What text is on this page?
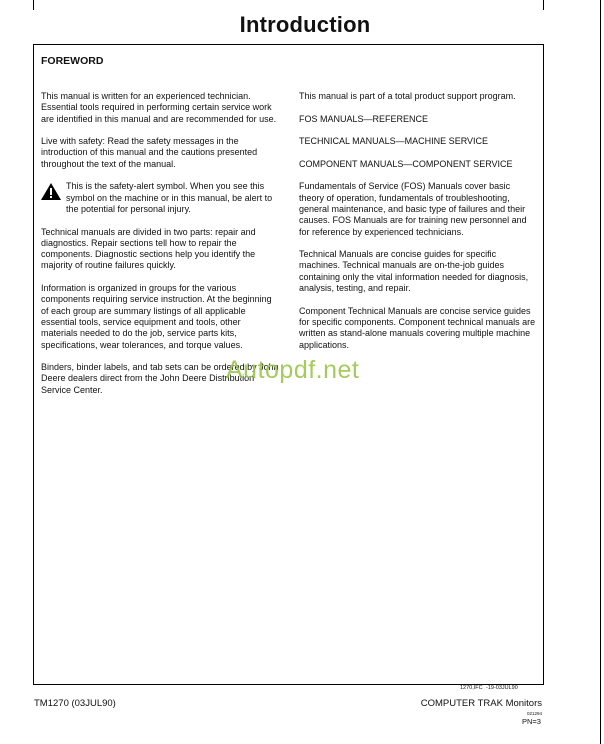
Introduction
FOREWORD

This manual is written for an experienced technician. Essential tools required in performing certain service work are identified in this manual and are recommended for use.

Live with safety: Read the safety messages in the introduction of this manual and the cautions presented throughout the text of the manual.

This is the safety-alert symbol. When you see this symbol on the machine or in this manual, be alert to the potential for personal injury.

Technical manuals are divided in two parts: repair and diagnostics. Repair sections tell how to repair the components. Diagnostic sections help you identify the majority of routine failures quickly.

Information is organized in groups for the various components requiring service instruction. At the beginning of each group are summary listings of all applicable essential tools, service equipment and tools, other materials needed to do the job, service parts kits, specifications, wear tolerances, and torque values.

Binders, binder labels, and tab sets can be ordered by John Deere dealers direct from the John Deere Distribution Service Center.

This manual is part of a total product support program.

FOS MANUALS—REFERENCE

TECHNICAL MANUALS—MACHINE SERVICE

COMPONENT MANUALS—COMPONENT SERVICE

Fundamentals of Service (FOS) Manuals cover basic theory of operation, fundamentals of troubleshooting, general maintenance, and basic type of failures and their causes. FOS Manuals are for training new personnel and for reference by experienced technicians.

Technical Manuals are concise guides for specific machines. Technical manuals are on-the-job guides containing only the vital information needed for diagnosis, analysis, testing, and repair.

Component Technical Manuals are concise service guides for specific components. Component technical manuals are written as stand-alone manuals covering multiple machine applications.

Autopdf.net
1270,IFC -19-03JUL90
TM1270 (03JUL90)	COMPUTER TRAK Monitors
021294
PN=3
